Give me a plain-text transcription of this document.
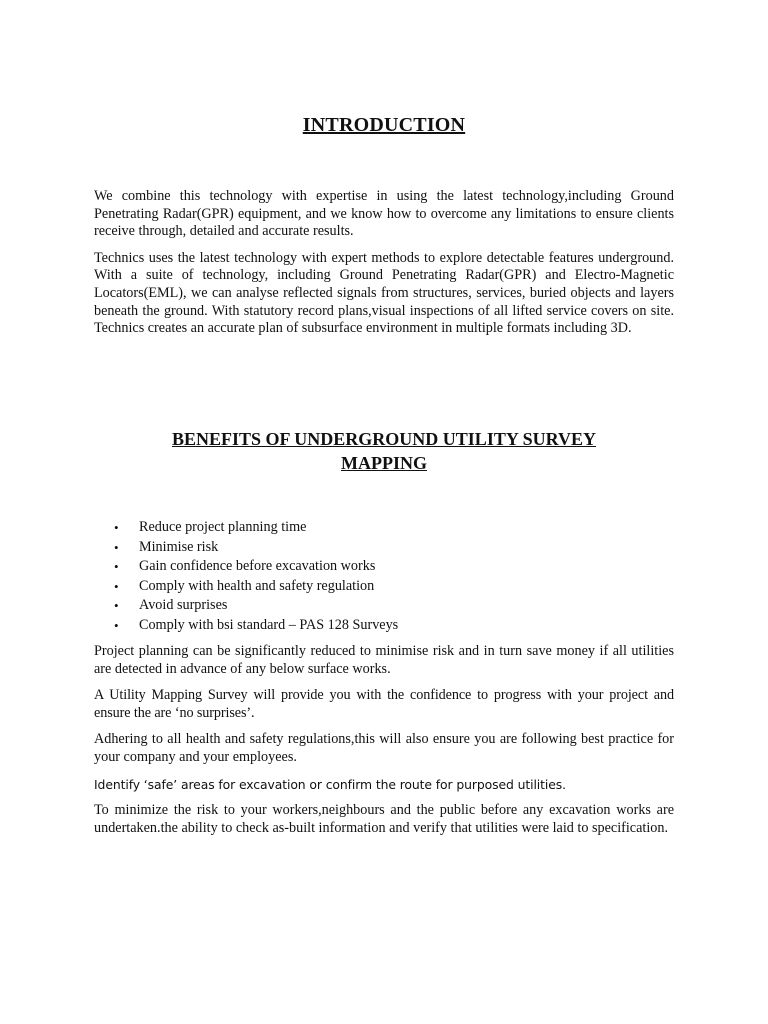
INTRODUCTION

We combine this technology with expertise in using the latest technology,including Ground Penetrating Radar(GPR) equipment, and we know how to overcome any limitations to ensure clients receive through, detailed and accurate results.

Technics uses the latest technology with expert methods to explore detectable features underground. With a suite of technology, including Ground Penetrating Radar(GPR) and Electro-Magnetic Locators(EML), we can analyse reflected signals from structures, services, buried objects and layers beneath the ground. With statutory record plans,visual inspections of all lifted service covers on site. Technics creates an accurate plan of subsurface environment in multiple formats including 3D.

BENEFITS OF UNDERGROUND UTILITY SURVEY
MAPPING
• Reduce project planning time
• Minimise risk
• Gain confidence before excavation works
• Comply with health and safety regulation
• Avoid surprises
• Comply with bsi standard – PAS 128 Surveys

Project planning can be significantly reduced to minimise risk and in turn save money if all utilities are detected in advance of any below surface works.

A Utility Mapping Survey will provide you with the confidence to progress with your project and ensure the are ‘no surprises’.

Adhering to all health and safety regulations,this will also ensure you are following best practice for your company and your employees.

Identify ‘safe’ areas for excavation or confirm the route for purposed utilities.

To minimize the risk to your workers,neighbours and the public before any excavation works are undertaken.the ability to check as-built information and verify that utilities were laid to specification.
